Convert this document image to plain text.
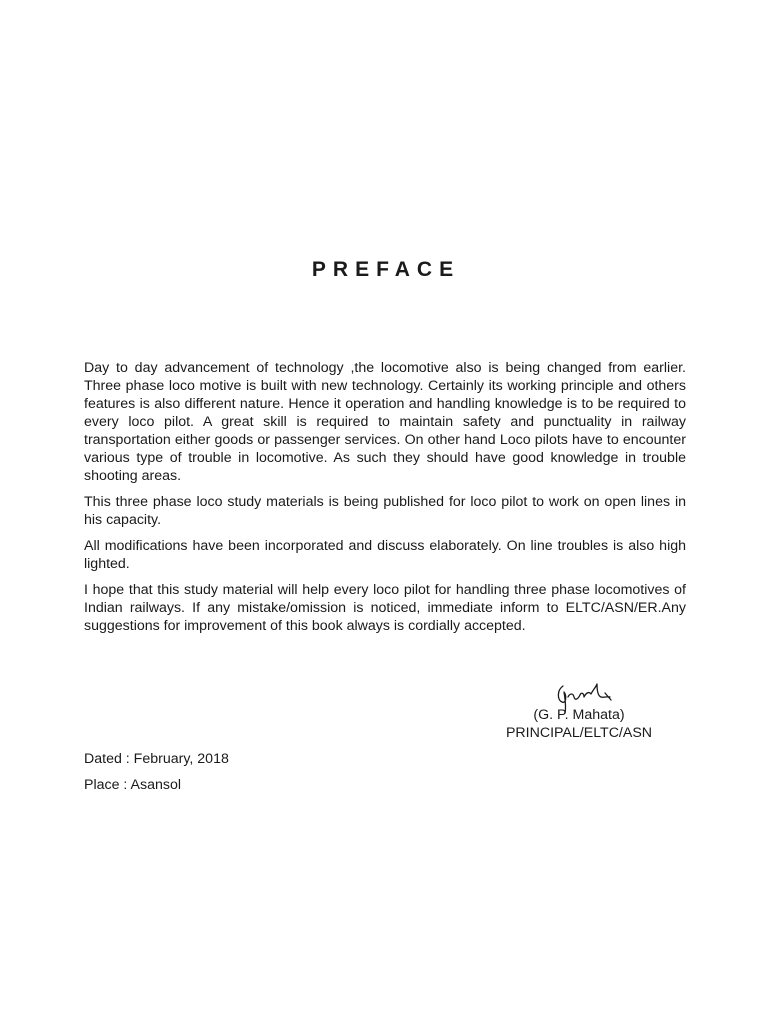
PREFACE

Day to day advancement of technology ,the locomotive also is being changed from earlier. Three phase loco motive is built with new technology. Certainly its working principle and others features is also different nature. Hence it operation and handling knowledge is to be required to every loco pilot. A great skill is required to maintain safety and punctuality in railway transportation either goods or passenger services. On other hand Loco pilots have to encounter various type of trouble in locomotive. As such they should have good knowledge in trouble shooting areas.

This three phase loco study materials is being published for loco pilot to work on open lines in his capacity.

All modifications have been incorporated and discuss elaborately. On line troubles is also high lighted.

I hope that this study material will help every loco pilot for handling three phase locomotives of Indian railways. If any mistake/omission is noticed, immediate inform to ELTC/ASN/ER.Any suggestions for improvement of this book always is cordially accepted.

(G. P. Mahata)
PRINCIPAL/ELTC/ASN
Dated : February, 2018
Place : Asansol
